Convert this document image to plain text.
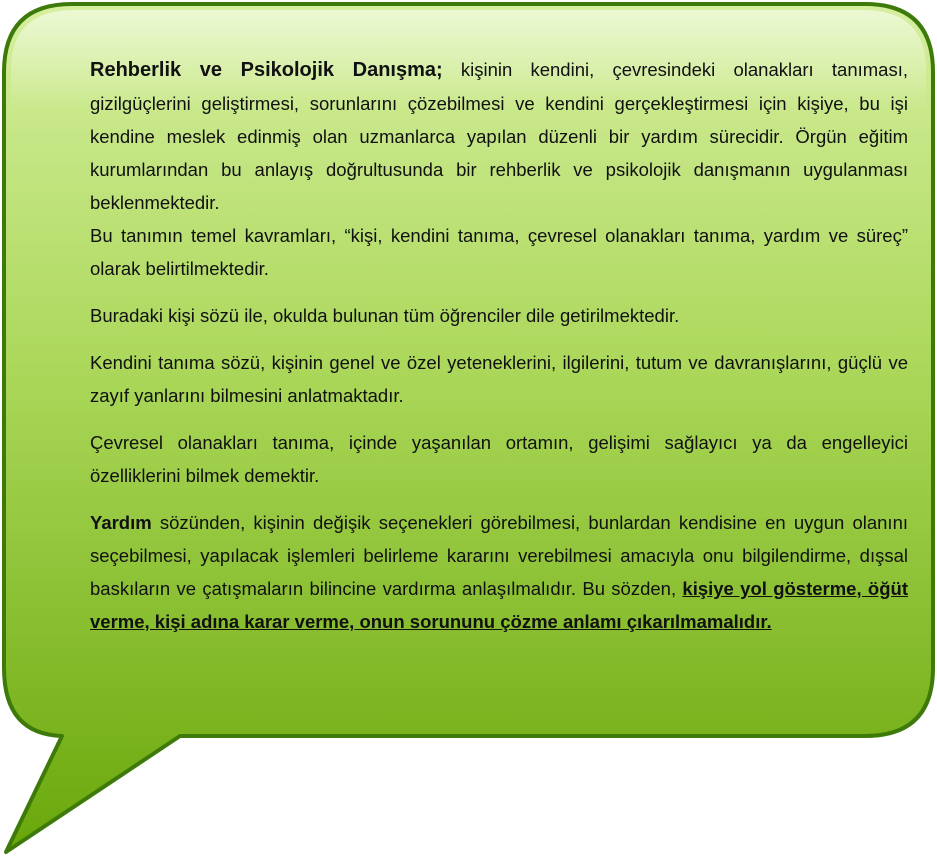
Rehberlik ve Psikolojik Danışma; kişinin kendini, çevresindeki olanakları tanıması, gizilgüçlerini geliştirmesi, sorunlarını çözebilmesi ve kendini gerçekleştirmesi için kişiye, bu işi kendine meslek edinmiş olan uzmanlarca yapılan düzenli bir yardım sürecidir. Örgün eğitim kurumlarından bu anlayış doğrultusunda bir rehberlik ve psikolojik danışmanın uygulanması beklenmektedir.

Bu tanımın temel kavramları, “kişi, kendini tanıma, çevresel olanakları tanıma, yardım ve süreç” olarak belirtilmektedir.

Buradaki kişi sözü ile, okulda bulunan tüm öğrenciler dile getirilmektedir.

Kendini tanıma sözü, kişinin genel ve özel yeteneklerini, ilgilerini, tutum ve davranışlarını, güçlü ve zayıf yanlarını bilmesini anlatmaktadır.

Çevresel olanakları tanıma, içinde yaşanılan ortamın, gelişimi sağlayıcı ya da engelleyici özelliklerini bilmek demektir.

Yardım sözünden, kişinin değişik seçenekleri görebilmesi, bunlardan kendisine en uygun olanını seçebilmesi, yapılacak işlemleri belirleme kararını verebilmesi amacıyla onu bilgilendirme, dışsal baskıların ve çatışmaların bilincine vardırma anlaşılmalıdır. Bu sözden, kişiye yol gösterme, öğüt verme, kişi adına karar verme, onun sorununu çözme anlamı çıkarılmamalıdır.
